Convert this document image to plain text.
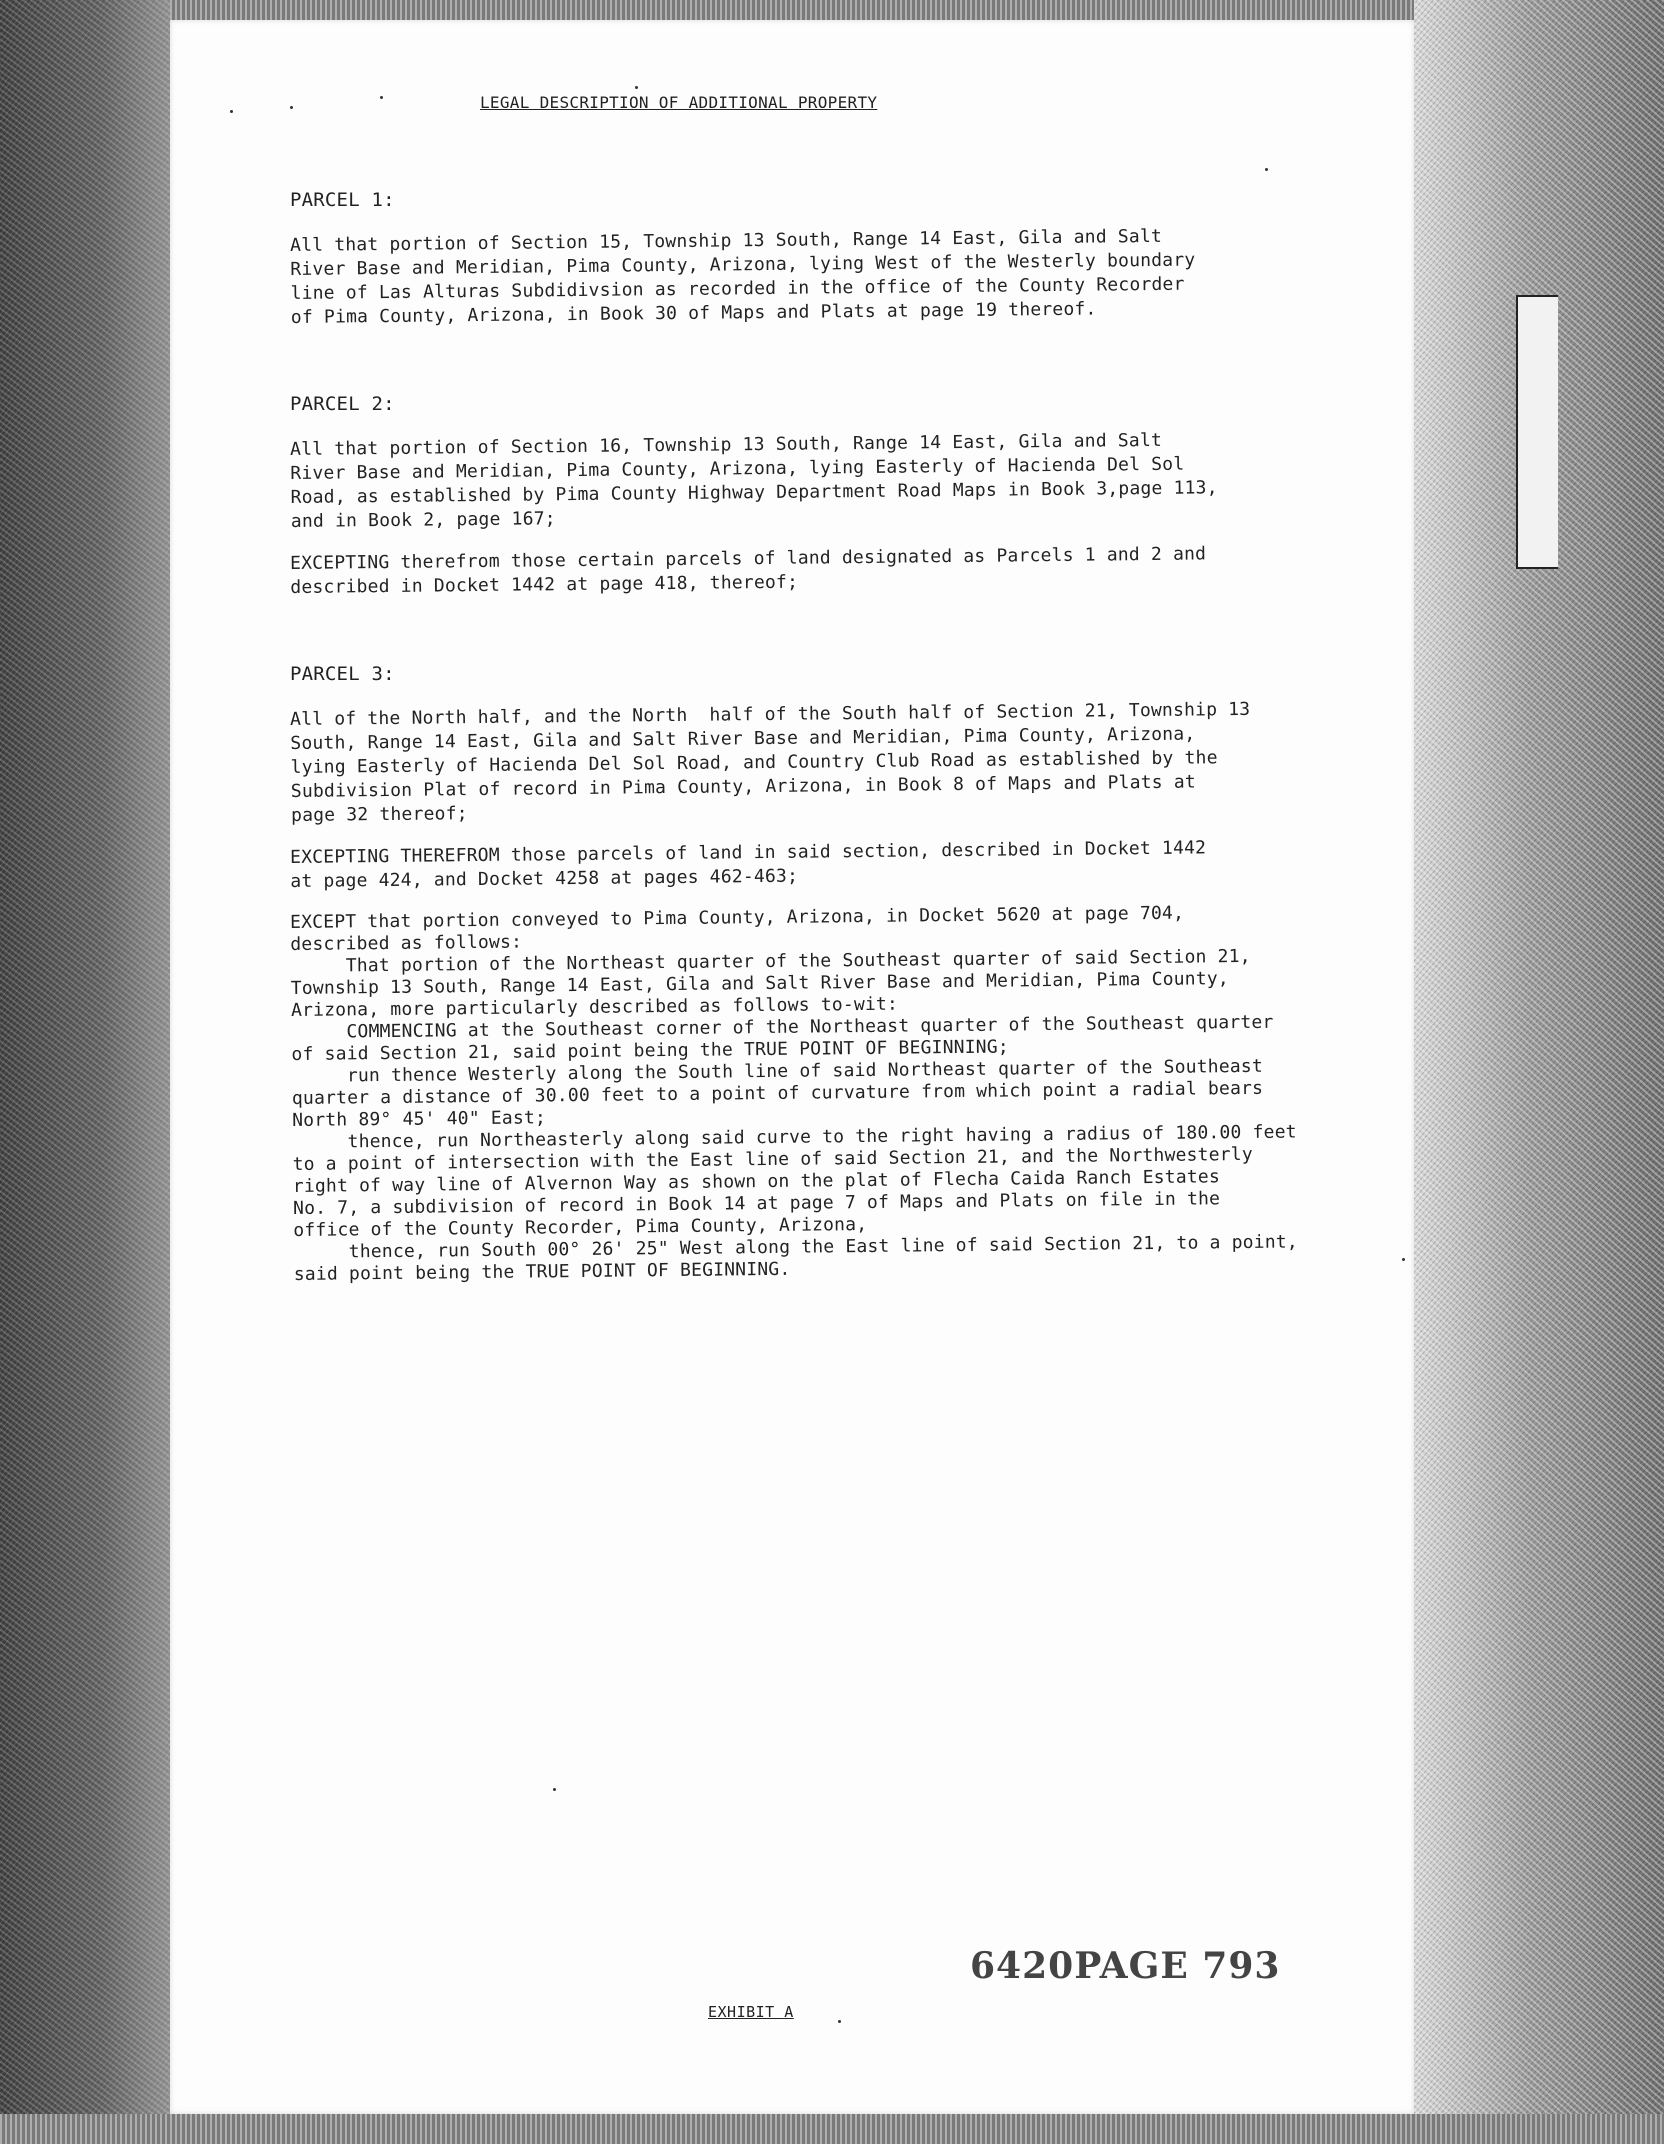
LEGAL DESCRIPTION OF ADDITIONAL PROPERTY
PARCEL 1:
All that portion of Section 15, Township 13 South, Range 14 East, Gila and Salt
River Base and Meridian, Pima County, Arizona, lying West of the Westerly boundary
line of Las Alturas Subdidivsion as recorded in the office of the County Recorder
of Pima County, Arizona, in Book 30 of Maps and Plats at page 19 thereof.
PARCEL 2:
All that portion of Section 16, Township 13 South, Range 14 East, Gila and Salt
River Base and Meridian, Pima County, Arizona, lying Easterly of Hacienda Del Sol
Road, as established by Pima County Highway Department Road Maps in Book 3,page 113,
and in Book 2, page 167;
EXCEPTING therefrom those certain parcels of land designated as Parcels 1 and 2 and
described in Docket 1442 at page 418, thereof;
PARCEL 3:
All of the North half, and the North  half of the South half of Section 21, Township 13
South, Range 14 East, Gila and Salt River Base and Meridian, Pima County, Arizona,
lying Easterly of Hacienda Del Sol Road, and Country Club Road as established by the
Subdivision Plat of record in Pima County, Arizona, in Book 8 of Maps and Plats at
page 32 thereof;
EXCEPTING THEREFROM those parcels of land in said section, described in Docket 1442
at page 424, and Docket 4258 at pages 462-463;
EXCEPT that portion conveyed to Pima County, Arizona, in Docket 5620 at page 704,
described as follows:
That portion of the Northeast quarter of the Southeast quarter of said Section 21,
Township 13 South, Range 14 East, Gila and Salt River Base and Meridian, Pima County,
Arizona, more particularly described as follows to-wit:
COMMENCING at the Southeast corner of the Northeast quarter of the Southeast quarter
of said Section 21, said point being the TRUE POINT OF BEGINNING;
run thence Westerly along the South line of said Northeast quarter of the Southeast
quarter a distance of 30.00 feet to a point of curvature from which point a radial bears
North 89° 45' 40" East;
thence, run Northeasterly along said curve to the right having a radius of 180.00 feet
to a point of intersection with the East line of said Section 21, and the Northwesterly
right of way line of Alvernon Way as shown on the plat of Flecha Caida Ranch Estates
No. 7, a subdivision of record in Book 14 at page 7 of Maps and Plats on file in the
office of the County Recorder, Pima County, Arizona,
thence, run South 00° 26' 25" West along the East line of said Section 21, to a point,
said point being the TRUE POINT OF BEGINNING.
6420PAGE 793
EXHIBIT A
